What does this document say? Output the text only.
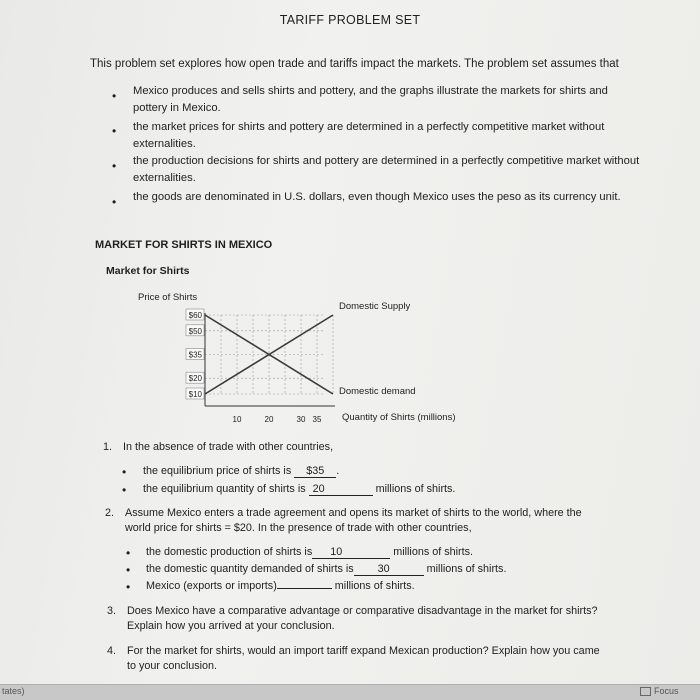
TARIFF PROBLEM SET
This problem set explores how open trade and tariffs impact the markets. The problem set assumes that
• Mexico produces and sells shirts and pottery, and the graphs illustrate the markets for shirts and pottery in Mexico.
• the market prices for shirts and pottery are determined in a perfectly competitive market without externalities.
• the production decisions for shirts and pottery are determined in a perfectly competitive market without externalities.
• the goods are denominated in U.S. dollars, even though Mexico uses the peso as its currency unit.
MARKET FOR SHIRTS IN MEXICO
Market for Shirts
Price of Shirts
Quantity of Shirts (millions)
$60
$50
$35
$20
$10
10	20	30 35
Domestic Supply
Domestic demand
1. In the absence of trade with other countries,
• the equilibrium price of shirts is $35 .
• the equilibrium quantity of shirts is 20	millions of shirts.
2. Assume Mexico enters a trade agreement and opens its market of shirts to the world, where the
world price for shirts = $20. In the presence of trade with other countries,
• the domestic production of shirts is 10	millions of shirts.
• the domestic quantity demanded of shirts is 30	millions of shirts.
• Mexico (exports or imports)	millions of shirts.
3. Does Mexico have a comparative advantage or comparative disadvantage in the market for shirts?
Explain how you arrived at your conclusion.
4. For the market for shirts, would an import tariff expand Mexican production? Explain how you came
to your conclusion.
tates)	Focus
